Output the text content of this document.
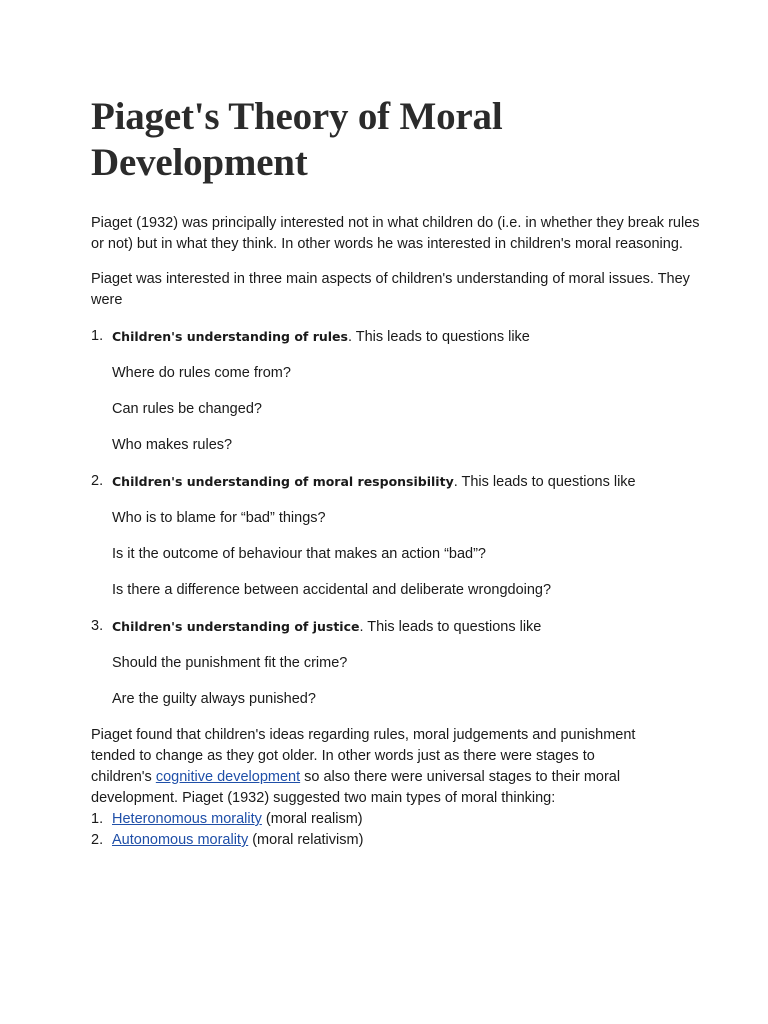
Piaget's Theory of Moral Development

Piaget (1932) was principally interested not in what children do (i.e. in whether they break rules or not) but in what they think. In other words he was interested in children's moral reasoning.

Piaget was interested in three main aspects of children's understanding of moral issues. They were

1. Children's understanding of rules. This leads to questions like

Where do rules come from?

Can rules be changed?

Who makes rules?

2. Children's understanding of moral responsibility. This leads to questions like

Who is to blame for “bad” things?

Is it the outcome of behaviour that makes an action “bad”?

Is there a difference between accidental and deliberate wrongdoing?

3. Children's understanding of justice. This leads to questions like

Should the punishment fit the crime?

Are the guilty always punished?

Piaget found that children's ideas regarding rules, moral judgements and punishment tended to change as they got older. In other words just as there were stages to children's cognitive development so also there were universal stages to their moral development. Piaget (1932) suggested two main types of moral thinking:

1. Heteronomous morality (moral realism)
2. Autonomous morality (moral relativism)
